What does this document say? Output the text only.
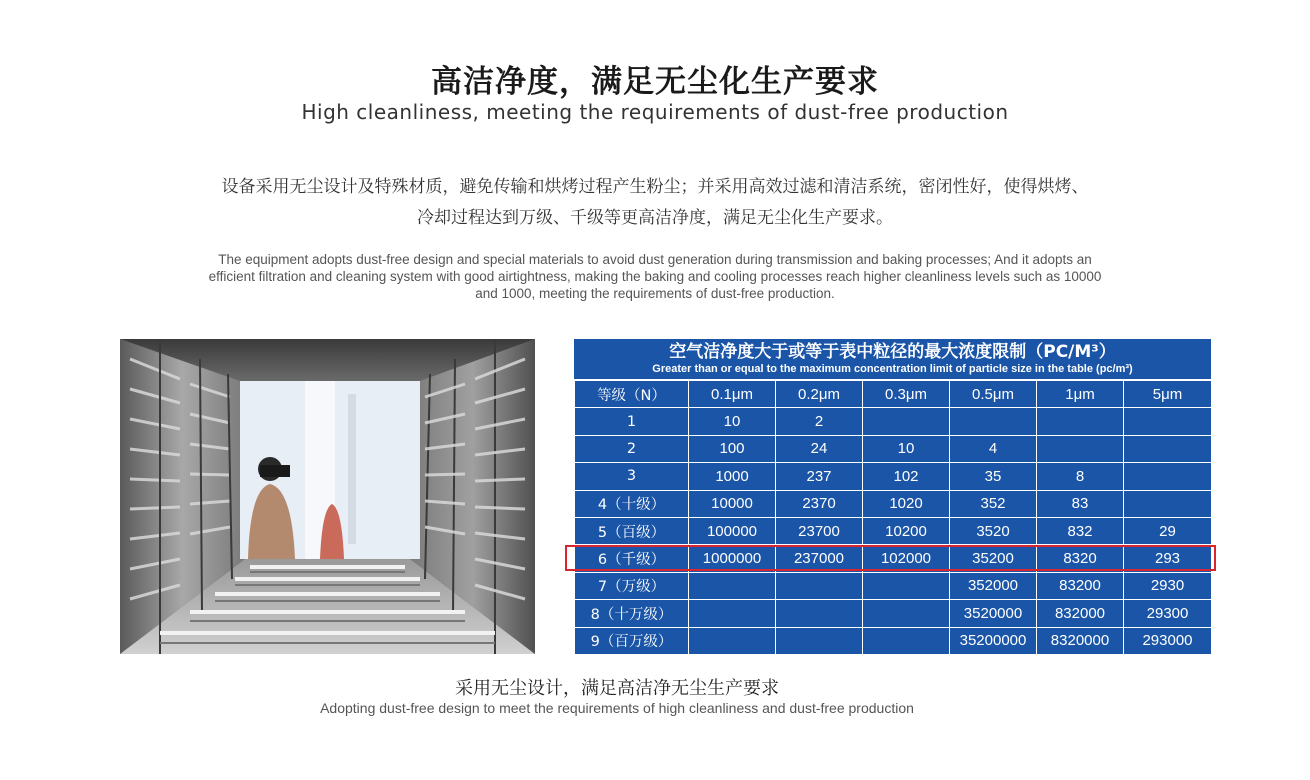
高洁净度，满足无尘化生产要求
High cleanliness, meeting the requirements of dust-free production
设备采用无尘设计及特殊材质，避免传输和烘烤过程产生粉尘；并采用高效过滤和清洁系统，密闭性好，使得烘烤、
冷却过程达到万级、千级等更高洁净度，满足无尘化生产要求。
The equipment adopts dust-free design and special materials to avoid dust generation during transmission and baking processes; And it adopts an
efficient filtration and cleaning system with good airtightness, making the baking and cooling processes reach higher cleanliness levels such as 10000
and 1000, meeting the requirements of dust-free production.
空气洁净度大于或等于表中粒径的最大浓度限制（PC/M³）
Greater than or equal to the maximum concentration limit of particle size in the table (pc/m³)
等级（N）	0.1μm	0.2μm	0.3μm	0.5μm	1μm	5μm
1	10	2				
2	100	24	10	4		
3	1000	237	102	35	8	
4（十级）	10000	2370	1020	352	83	
5（百级）	100000	23700	10200	3520	832	29
6（千级）	1000000	237000	102000	35200	8320	293
7（万级）				352000	83200	2930
8（十万级）				3520000	832000	29300
9（百万级）				35200000	8320000	293000
采用无尘设计，满足高洁净无尘生产要求
Adopting dust-free design to meet the requirements of high cleanliness and dust-free production
